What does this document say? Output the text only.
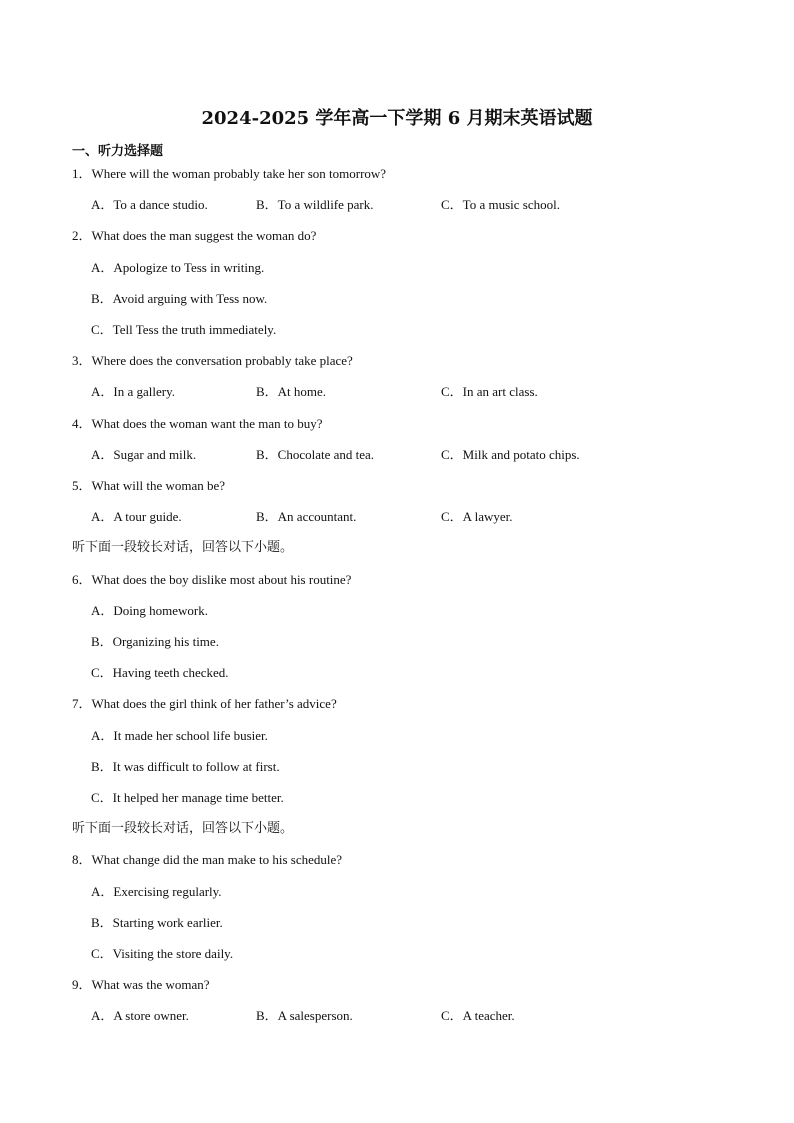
2024-2025 学年高一下学期 6 月期末英语试题
一、听力选择题
1．Where will the woman probably take her son tomorrow?
A．To a dance studio.	B．To a wildlife park.	C．To a music school.
2．What does the man suggest the woman do?
A．Apologize to Tess in writing.
B．Avoid arguing with Tess now.
C．Tell Tess the truth immediately.
3．Where does the conversation probably take place?
A．In a gallery.	B．At home.	C．In an art class.
4．What does the woman want the man to buy?
A．Sugar and milk.	B．Chocolate and tea.	C．Milk and potato chips.
5．What will the woman be?
A．A tour guide.	B．An accountant.	C．A lawyer.
听下面一段较长对话，回答以下小题。
6．What does the boy dislike most about his routine?
A．Doing homework.
B．Organizing his time.
C．Having teeth checked.
7．What does the girl think of her father’s advice?
A．It made her school life busier.
B．It was difficult to follow at first.
C．It helped her manage time better.
听下面一段较长对话，回答以下小题。
8．What change did the man make to his schedule?
A．Exercising regularly.
B．Starting work earlier.
C．Visiting the store daily.
9．What was the woman?
A．A store owner.	B．A salesperson.	C．A teacher.
